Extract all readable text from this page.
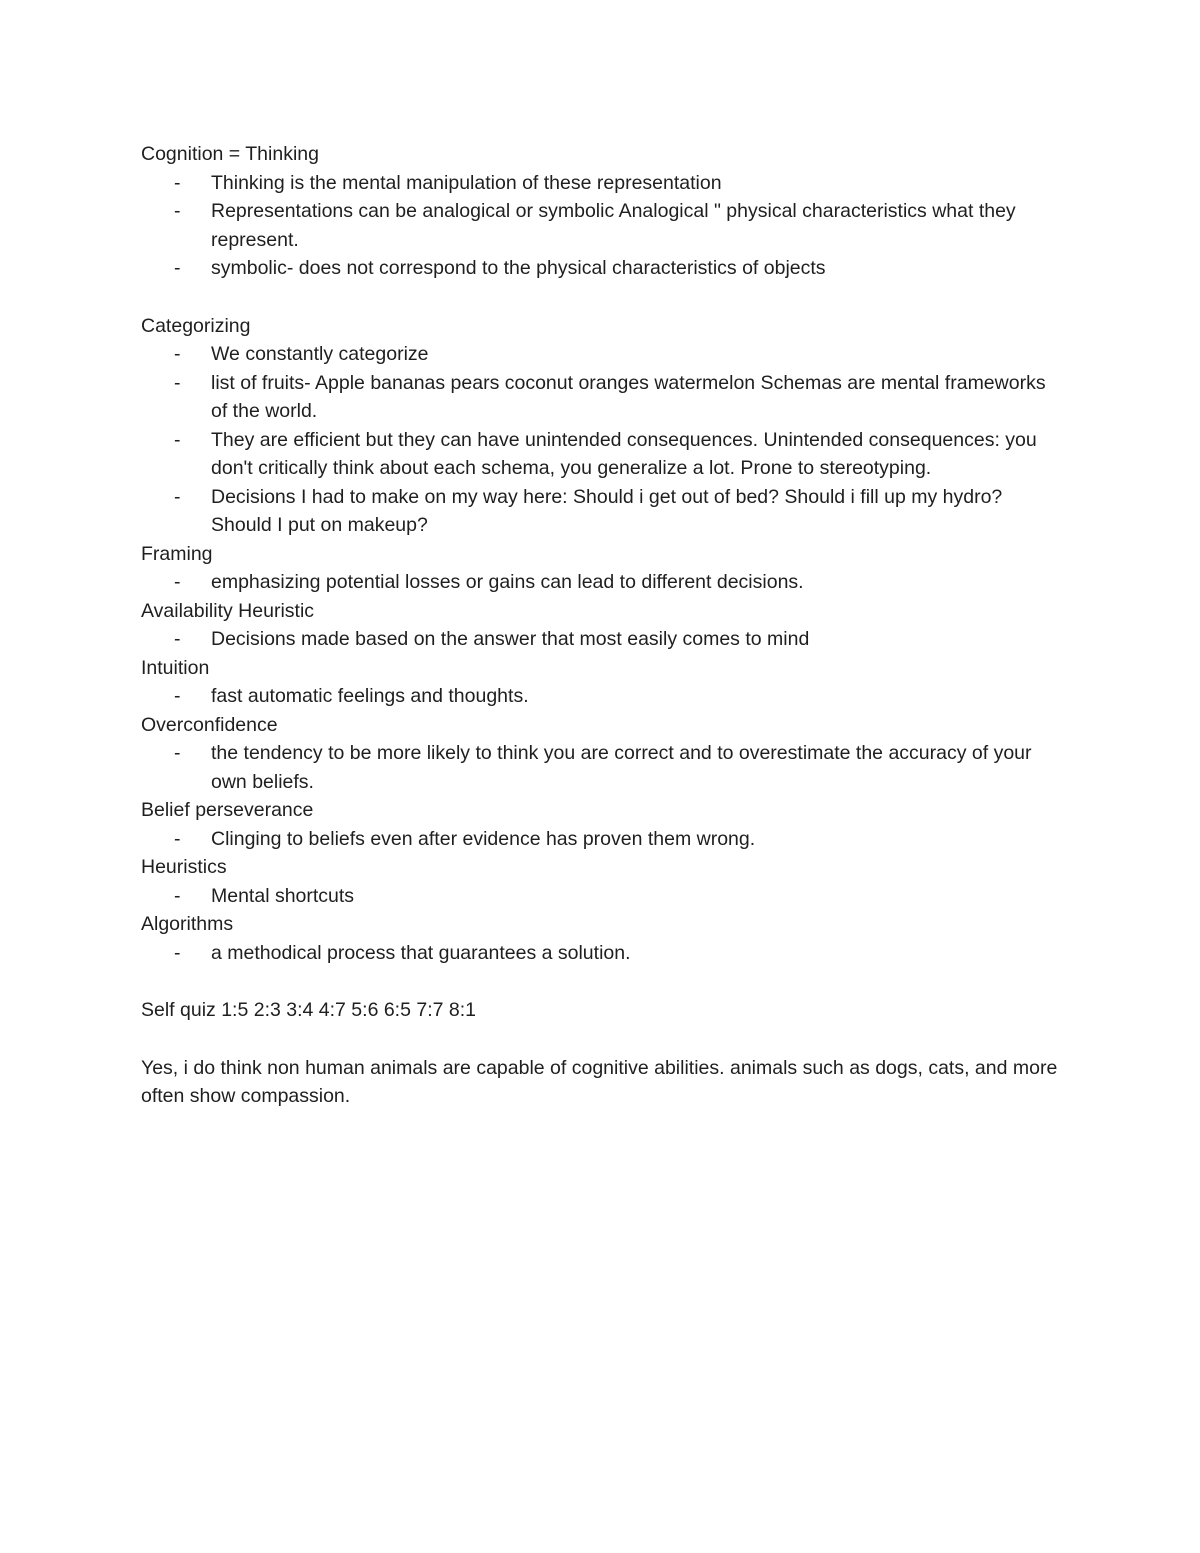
Cognition = Thinking
- Thinking is the mental manipulation of these representation
- Representations can be analogical or symbolic Analogical " physical characteristics what they represent.
- symbolic- does not correspond to the physical characteristics of objects
Categorizing
- We constantly categorize
- list of fruits- Apple bananas pears coconut oranges watermelon Schemas are mental frameworks of the world.
- They are efficient but they can have unintended consequences. Unintended consequences: you don't critically think about each schema, you generalize a lot. Prone to stereotyping.
- Decisions I had to make on my way here: Should i get out of bed? Should i fill up my hydro? Should I put on makeup?
Framing
- emphasizing potential losses or gains can lead to different decisions.
Availability Heuristic
- Decisions made based on the answer that most easily comes to mind
Intuition
- fast automatic feelings and thoughts.
Overconfidence
- the tendency to be more likely to think you are correct and to overestimate the accuracy of your own beliefs.
Belief perseverance
- Clinging to beliefs even after evidence has proven them wrong.
Heuristics
- Mental shortcuts
Algorithms
- a methodical process that guarantees a solution.

Self quiz 1:5 2:3 3:4 4:7 5:6 6:5 7:7 8:1

Yes, i do think non human animals are capable of cognitive abilities. animals such as dogs, cats, and more often show compassion.
